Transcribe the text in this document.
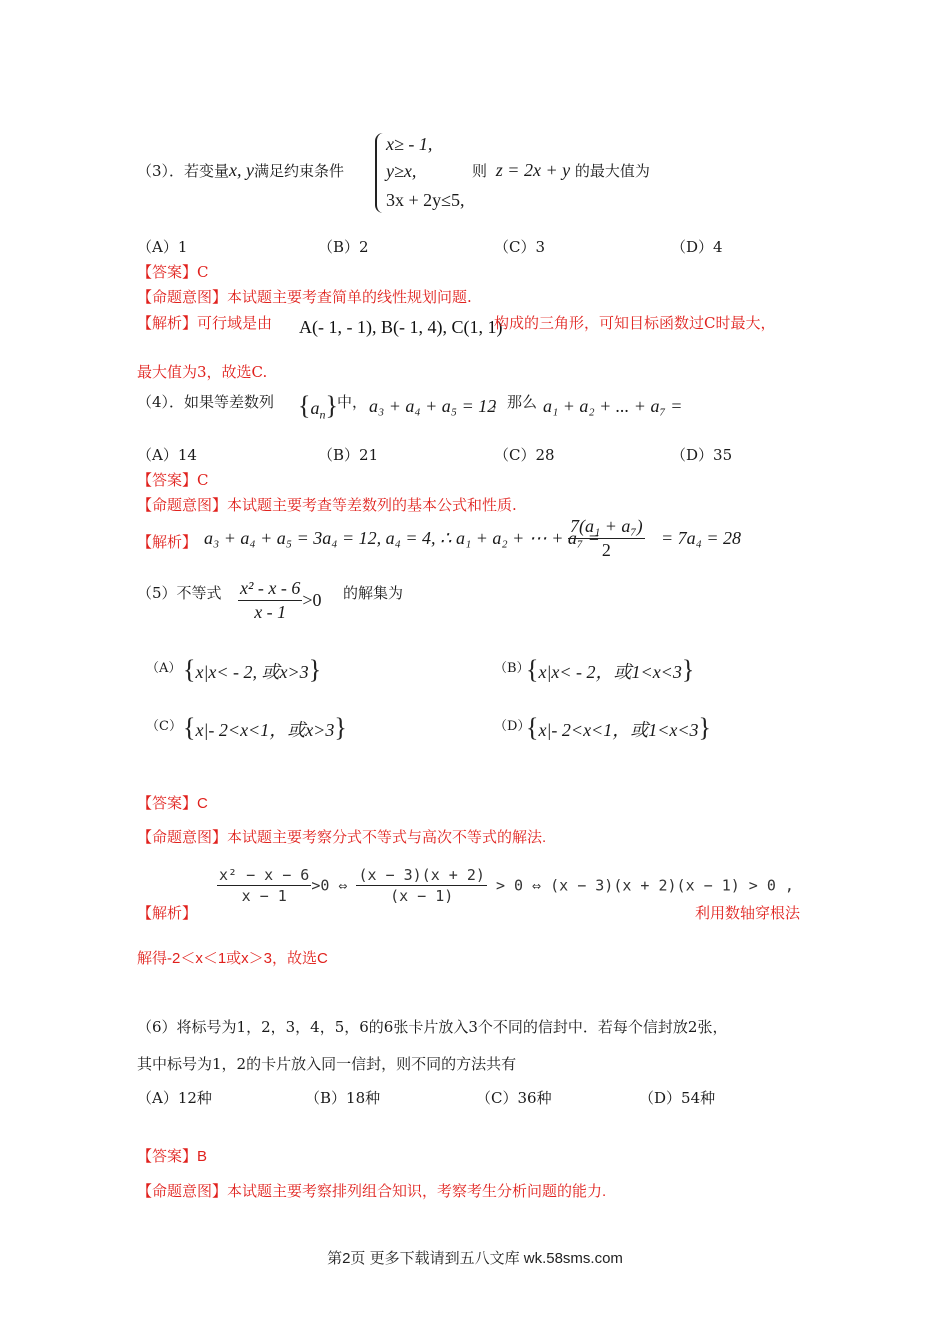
（3）．若变量x, y满足约束条件
x≥ - 1,
y≥x,
3x + 2y≤5,
则 z = 2x + y 的最大值为
（A）1	（B）2	（C）3	（D）4
【答案】C
【命题意图】本试题主要考查简单的线性规划问题.
【解析】可行域是由 A(- 1, - 1), B(- 1, 4), C(1, 1)
构成的三角形，可知目标函数过C时最大，
最大值为3，故选C.
（4）．如果等差数列 $\{a_n\}$ 中， a₃ + a₄ + a₅ = 12
，那么 a₁ + a₂ + ... + a₇ =
（A）14	（B）21	（C）28	（D）35
【答案】C
【命题意图】本试题主要考查等差数列的基本公式和性质.
【解析】 a₃ + a₄ + a₅ = 3a₄ = 12, a₄ = 4, ∴ a₁ + a₂ + ⋯ + a₇ =
$\frac{\text{7(a₁ + a₇)}}{2} = 7a_4 = 28$
（5）不等式 $\frac{\text{x² - x - 6}}{x - 1} >0$ 的解集为
（A） {x|x< - 2, 或x>3}	（B）
{x|x< - 2，或1<x<3}
（C） {x|- 2<x<1，或x>3}	（D）
{x|- 2<x<1，或1<x<3}
【答案】C
【命题意图】本试题主要考察分式不等式与高次不等式的解法.
【解析】
$\frac{\text{x² − x − 6}}{x - 1} >0$ ⇔ $\frac{(x - 3)(x + 2)}{(x - 1)} > 0$ ⇔ (x − 3)(x + 2)(x − 1) > 0 ,
利用数轴穿根法
解得-2＜x＜1或x＞3，故选C
（6）将标号为1，2，3，4，5，6的6张卡片放入3个不同的信封中．若每个信封放2张，
其中标号为1，2的卡片放入同一信封，则不同的方法共有
（A）12种	（B）18种	（C）36种	（D）54种
【答案】B
【命题意图】本试题主要考察排列组合知识，考察考生分析问题的能力.
第2页 更多下载请到五八文库 wk.58sms.com
